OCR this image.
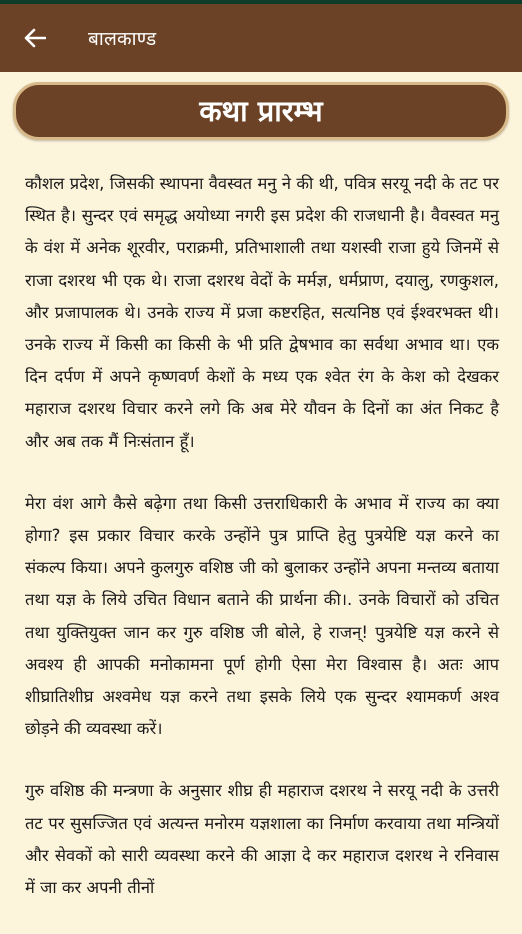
बालकाण्ड
कथा प्रारम्भ

कौशल प्रदेश, जिसकी स्थापना वैवस्वत मनु ने की थी, पवित्र सरयू नदी के तट पर स्थित है। सुन्दर एवं समृद्ध अयोध्या नगरी इस प्रदेश की राजधानी है। वैवस्वत मनु के वंश में अनेक शूरवीर, पराक्रमी, प्रतिभाशाली तथा यशस्वी राजा हुये जिनमें से राजा दशरथ भी एक थे। राजा दशरथ वेदों के मर्मज्ञ, धर्मप्राण, दयालु, रणकुशल, और प्रजापालक थे। उनके राज्य में प्रजा कष्टरहित, सत्यनिष्ठ एवं ईश्वरभक्त थी। उनके राज्य में किसी का किसी के भी प्रति द्वेषभाव का सर्वथा अभाव था। एक दिन दर्पण में अपने कृष्णवर्ण केशों के मध्य एक श्वेत रंग के केश को देखकर महाराज दशरथ विचार करने लगे कि अब मेरे यौवन के दिनों का अंत निकट है और अब तक मैं निःसंतान हूँ।

मेरा वंश आगे कैसे बढ़ेगा तथा किसी उत्तराधिकारी के अभाव में राज्य का क्या होगा? इस प्रकार विचार करके उन्होंने पुत्र प्राप्ति हेतु पुत्रयेष्टि यज्ञ करने का संकल्प किया। अपने कुलगुरु वशिष्ठ जी को बुलाकर उन्होंने अपना मन्तव्य बताया तथा यज्ञ के लिये उचित विधान बताने की प्रार्थना की।. उनके विचारों को उचित तथा युक्तियुक्त जान कर गुरु वशिष्ठ जी बोले, हे राजन्! पुत्रयेष्टि यज्ञ करने से अवश्य ही आपकी मनोकामना पूर्ण होगी ऐसा मेरा विश्वास है। अतः आप शीघ्रातिशीघ्र अश्वमेध यज्ञ करने तथा इसके लिये एक सुन्दर श्यामकर्ण अश्व छोड़ने की व्यवस्था करें।

गुरु वशिष्ठ की मन्त्रणा के अनुसार शीघ्र ही महाराज दशरथ ने सरयू नदी के उत्तरी तट पर सुसज्जित एवं अत्यन्त मनोरम यज्ञशाला का निर्माण करवाया तथा मन्त्रियों और सेवकों को सारी व्यवस्था करने की आज्ञा दे कर महाराज दशरथ ने रनिवास में जा कर अपनी तीनों
